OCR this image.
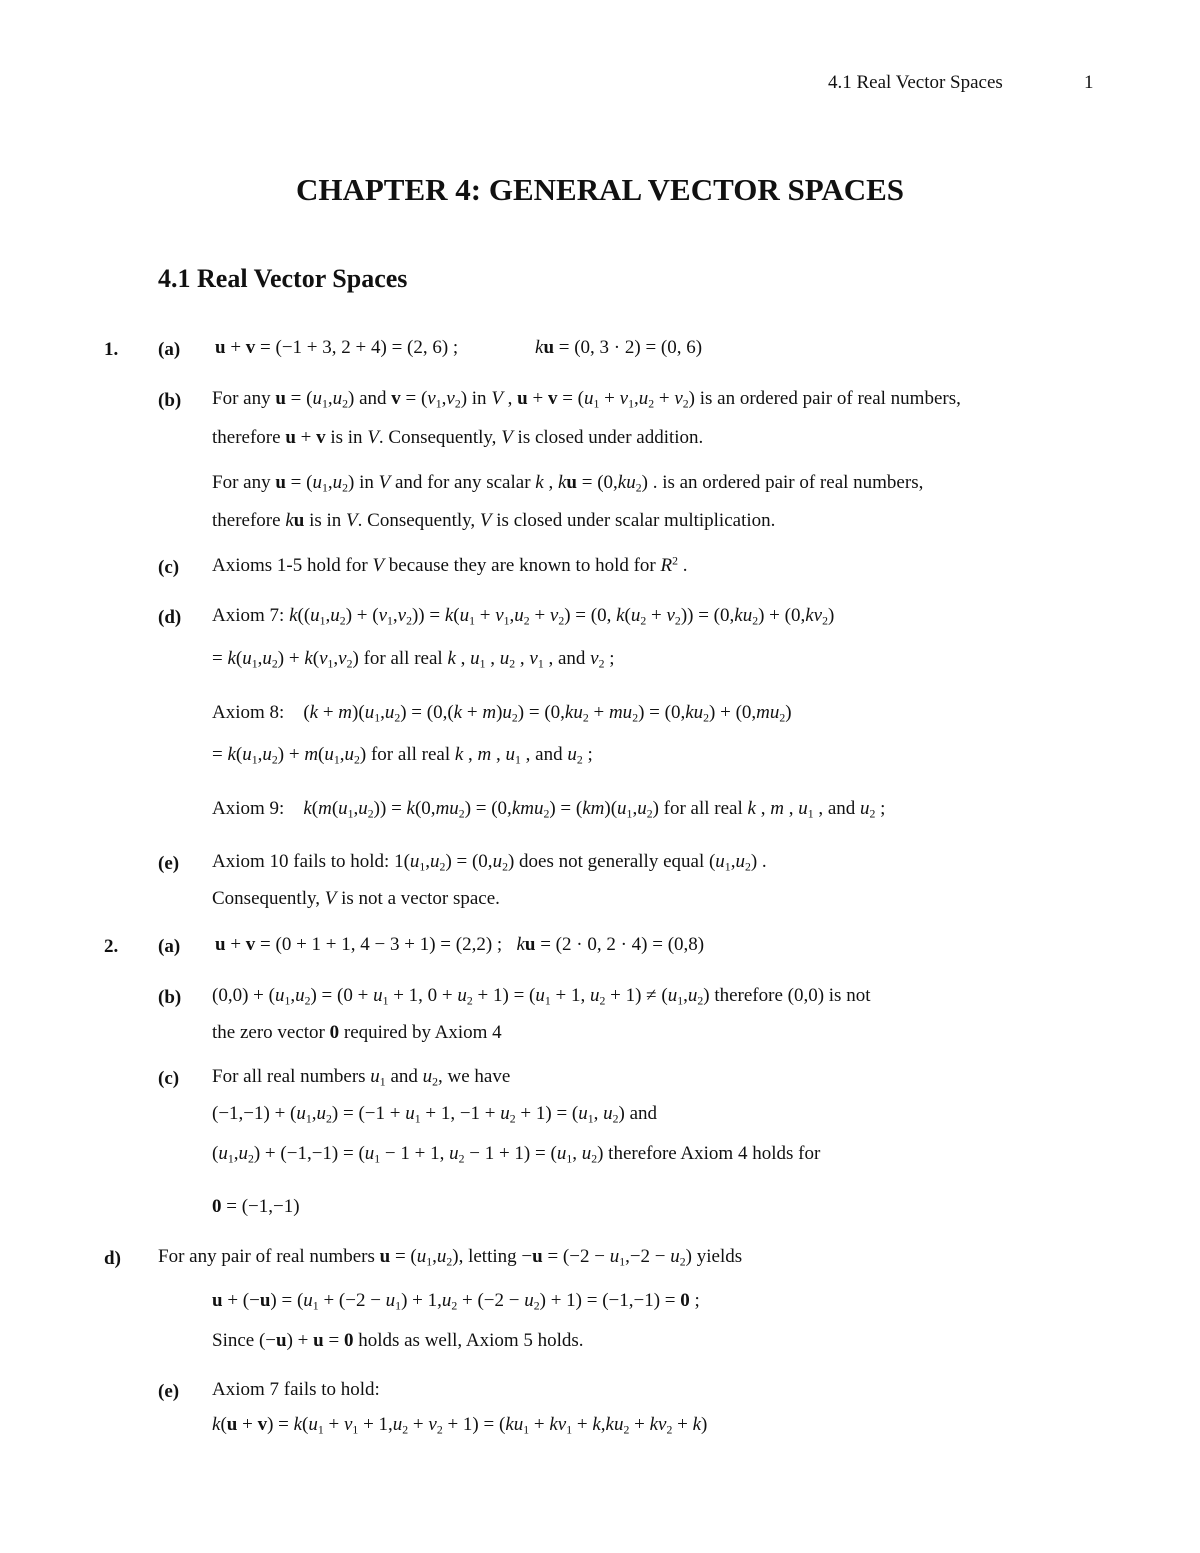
4.1 Real Vector Spaces	1
CHAPTER 4: GENERAL VECTOR SPACES
4.1 Real Vector Spaces
1. (a) u + v = (−1 + 3, 2 + 4) = (2, 6) ;	ku = (0, 3 · 2) = (0, 6)
(b) For any $u = (u_1,u_2)$ and $v = (v_1,v_2)$ in V , $u + v = (u_1 + v_1,u_2 + v_2)$ is an ordered pair of real numbers,
therefore u + v is in V. Consequently, V is closed under addition.
For any $u = (u_1,u_2)$ in V and for any scalar k , ku = $(0,ku_2)$ . is an ordered pair of real numbers,
therefore ku is in V. Consequently, V is closed under scalar multiplication.
(c) Axioms 1-5 hold for V because they are known to hold for $R^2$ .
(d) Axiom 7: $k((u_1,u_2) + (v_1,v_2)) = k(u_1 + v_1,u_2 + v_2) = (0$, $k(u_2 + v_2)) = (0,ku_2) + (0,kv_2)$
= $k(u_1,u_2) + k(v_1,v_2)$ for all real k , $u_1$ , $u_2$ , $v_1$ , and $v_2$ ;
Axiom 8:    $(k + m)(u_1,u_2) = (0,(k + m)u_2) = (0,ku_2 + mu_2) = (0,ku_2) + (0,mu_2)$
= $k(u_1,u_2) + m(u_1,u_2)$ for all real k , m , $u_1$ , and $u_2$ ;
Axiom 9: $k(m(u_1,u_2)) = k(0,mu_2) = (0,kmu_2) = (km)(u_1,u_2)$ for all real k , m , $u_1$ , and $u_2$ ;
(e) Axiom 10 fails to hold: $1(u_1,u_2) = (0,u_2)$ does not generally equal $(u_1,u_2)$ .
Consequently, V is not a vector space.
2. (a) u + v = (0 + 1 + 1, 4 − 3 + 1) = (2,2) ;   ku = (2 · 0, 2 · 4) = (0,8)
(b) $(0,0) + (u_1,u_2) = (0 + u_1 + 1$, $0 + u_2 + 1) = (u_1 + 1$, $u_2 + 1) \ne (u_1,u_2)$ therefore (0,0) is not
the zero vector 0 required by Axiom 4
(c) For all real numbers $u_1$ and $u_2$, we have
$(-1,-1) + (u_1,u_2) = (-1 + u_1 + 1$, $-1 + u_2 + 1) = (u_1$, $u_2$) and
$(u_1,u_2) + (-1,-1) = (u_1 - 1 + 1$, $u_2 - 1 + 1) = (u_1$, $u_2$) therefore Axiom 4 holds for
0 = (−1,−1)
d) For any pair of real numbers $u = (u_1,u_2)$, letting $-u = (-2 - u_1,-2 - u_2)$ yields
$u + (-u) = (u_1 + (-2 - u_1) + 1,u_2 + (-2 - u_2) + 1) = (-1,-1) = 0$ ;
Since (−u) + u = 0 holds as well, Axiom 5 holds.
(e) Axiom 7 fails to hold:
$k(u + v) = k(u_1 + v_1 + 1,u_2 + v_2 + 1) = (ku_1 + kv_1 + k,ku_2 + kv_2 + k)$
